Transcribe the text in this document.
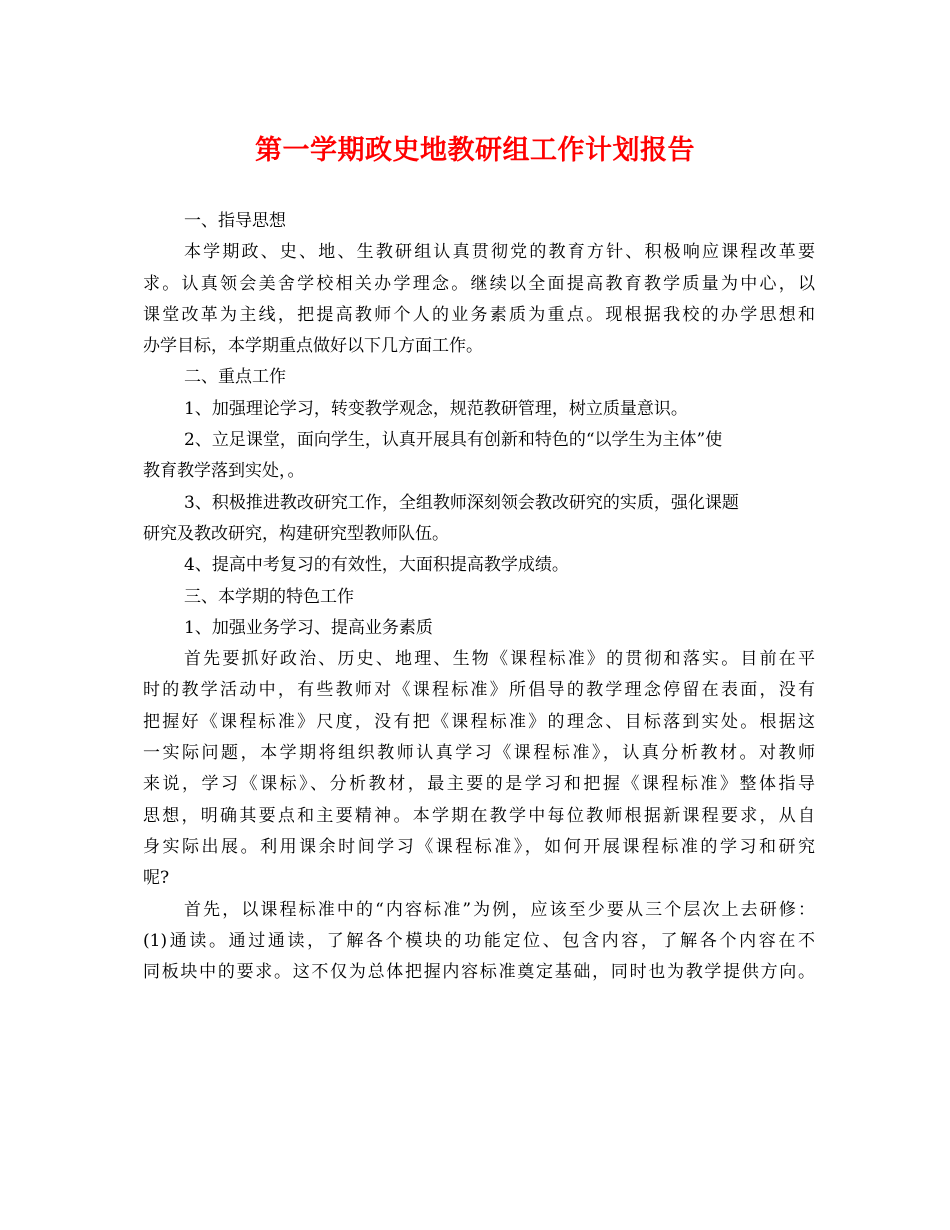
第一学期政史地教研组工作计划报告
一、指导思想
本学期政、史、地、生教研组认真贯彻党的教育方针、积极响应课程改革要
求。认真领会美舍学校相关办学理念。继续以全面提高教育教学质量为中心，以
课堂改革为主线，把提高教师个人的业务素质为重点。现根据我校的办学思想和
办学目标，本学期重点做好以下几方面工作。
二、重点工作
1、加强理论学习，转变教学观念，规范教研管理，树立质量意识。
2、立足课堂，面向学生，认真开展具有创新和特色的“以学生为主体”使
教育教学落到实处，。
3、积极推进教改研究工作，全组教师深刻领会教改研究的实质，强化课题
研究及教改研究，构建研究型教师队伍。
4、提高中考复习的有效性，大面积提高教学成绩。
三、本学期的特色工作
1、加强业务学习、提高业务素质
首先要抓好政治、历史、地理、生物《课程标准》的贯彻和落实。目前在平
时的教学活动中，有些教师对《课程标准》所倡导的教学理念停留在表面，没有
把握好《课程标准》尺度，没有把《课程标准》的理念、目标落到实处。根据这
一实际问题，本学期将组织教师认真学习《课程标准》，认真分析教材。对教师
来说，学习《课标》、分析教材，最主要的是学习和把握《课程标准》整体指导
思想，明确其要点和主要精神。本学期在教学中每位教师根据新课程要求，从自
身实际出展。利用课余时间学习《课程标准》，如何开展课程标准的学习和研究
呢?
首先，以课程标准中的“内容标准”为例，应该至少要从三个层次上去研修：
(1)通读。通过通读，了解各个模块的功能定位、包含内容，了解各个内容在不
同板块中的要求。这不仅为总体把握内容标准奠定基础，同时也为教学提供方向。
